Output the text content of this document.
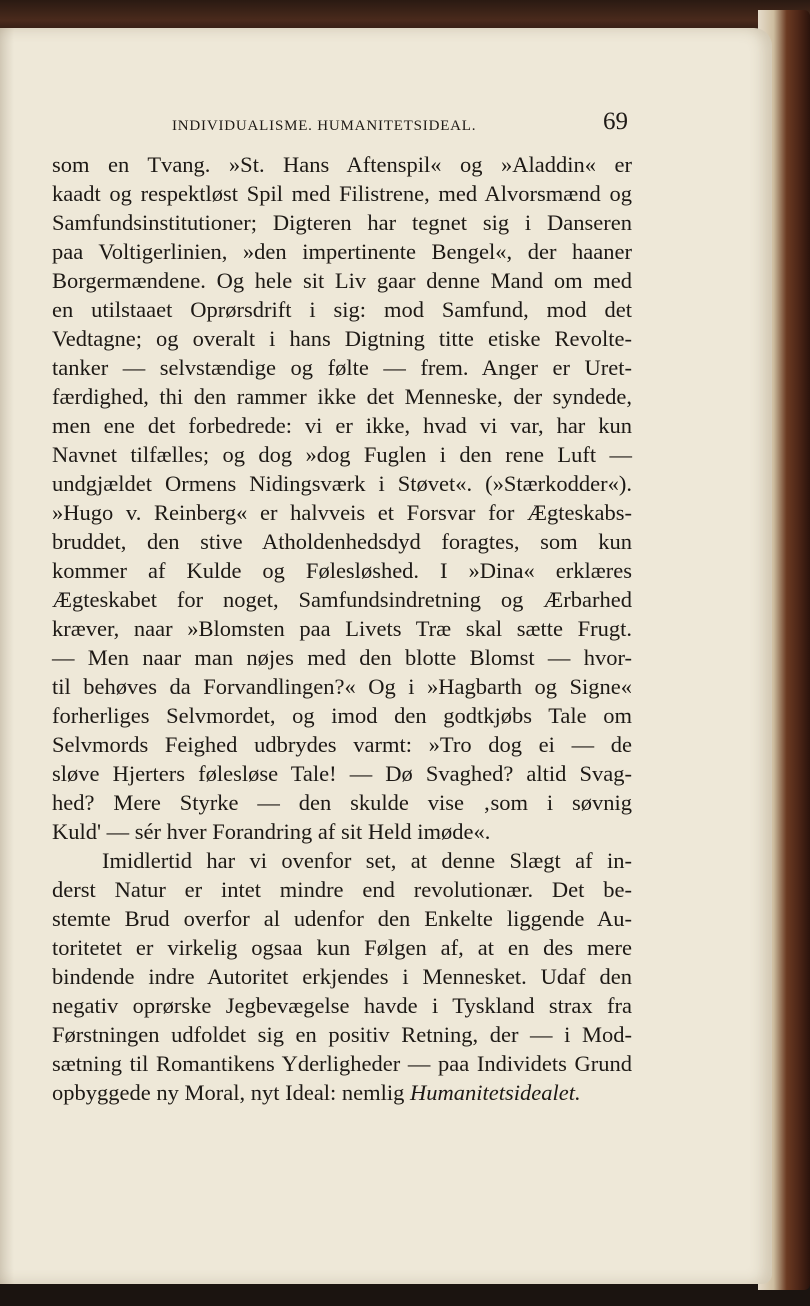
INDIVIDUALISME. HUMANITETSIDEAL.	69
som en Tvang. »St. Hans Aftenspil« og »Aladdin« er
kaadt og respektløst Spil med Filistrene, med Alvorsmænd og
Samfundsinstitutioner; Digteren har tegnet sig i Danseren
paa Voltigerlinien, »den impertinente Bengel«, der haaner
Borgermændene. Og hele sit Liv gaar denne Mand om med
en utilstaaet Oprørsdrift i sig: mod Samfund, mod det
Vedtagne; og overalt i hans Digtning titte etiske Revolte-
tanker — selvstændige og følte — frem. Anger er Uret-
færdighed, thi den rammer ikke det Menneske, der syndede,
men ene det forbedrede: vi er ikke, hvad vi var, har kun
Navnet tilfælles; og dog »dog Fuglen i den rene Luft —
undgjældet Ormens Nidingsværk i Støvet«. (»Stærkodder«).
»Hugo v. Reinberg« er halvveis et Forsvar for Ægteskabs-
bruddet, den stive Atholdenhedsdyd foragtes, som kun
kommer af Kulde og Følesløshed. I »Dina« erklæres
Ægteskabet for noget, Samfundsindretning og Ærbarhed
kræver, naar »Blomsten paa Livets Træ skal sætte Frugt.
— Men naar man nøjes med den blotte Blomst — hvor-
til behøves da Forvandlingen?« Og i »Hagbarth og Signe«
forherliges Selvmordet, og imod den godtkjøbs Tale om
Selvmords Feighed udbrydes varmt: »Tro dog ei — de
sløve Hjerters følesløse Tale! — Dø Svaghed? altid Svag-
hed? Mere Styrke — den skulde vise ‚som i søvnig
Kuld' — sér hver Forandring af sit Held imøde«.
Imidlertid har vi ovenfor set, at denne Slægt af in-
derst Natur er intet mindre end revolutionær. Det be-
stemte Brud overfor al udenfor den Enkelte liggende Au-
toritetet er virkelig ogsaa kun Følgen af, at en des mere
bindende indre Autoritet erkjendes i Mennesket. Udaf den
negativ oprørske Jegbevægelse havde i Tyskland strax fra
Førstningen udfoldet sig en positiv Retning, der — i Mod-
sætning til Romantikens Yderligheder — paa Individets Grund
opbyggede ny Moral, nyt Ideal: nemlig Humanitetsidealet.
